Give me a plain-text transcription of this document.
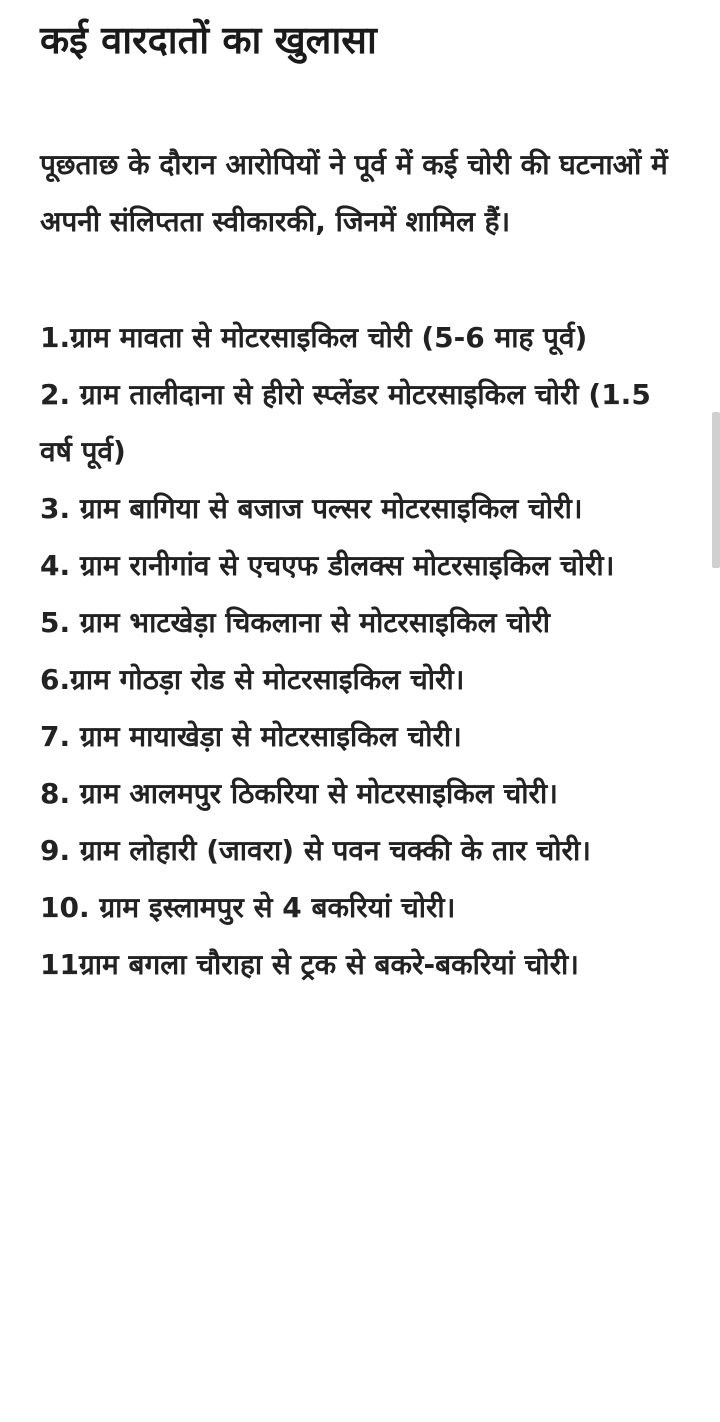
कई वारदातों का खुलासा

पूछताछ के दौरान आरोपियों ने पूर्व में कई चोरी की घटनाओं में अपनी संलिप्तता स्वीकारकी, जिनमें शामिल हैं।

1.ग्राम मावता से मोटरसाइकिल चोरी (5-6 माह पूर्व)
2. ग्राम तालीदाना से हीरो स्प्लेंडर मोटरसाइकिल चोरी (1.5 वर्ष पूर्व)
3. ग्राम बागिया से बजाज पल्सर मोटरसाइकिल चोरी।
4. ग्राम रानीगांव से एचएफ डीलक्स मोटरसाइकिल चोरी।
5. ग्राम भाटखेड़ा चिकलाना से मोटरसाइकिल चोरी
6.ग्राम गोठड़ा रोड से मोटरसाइकिल चोरी।
7. ग्राम मायाखेड़ा से मोटरसाइकिल चोरी।
8. ग्राम आलमपुर ठिकरिया से मोटरसाइकिल चोरी।
9. ग्राम लोहारी (जावरा) से पवन चक्की के तार चोरी।
10. ग्राम इस्लामपुर से 4 बकरियां चोरी।
11ग्राम बगला चौराहा से ट्रक से बकरे-बकरियां चोरी।
